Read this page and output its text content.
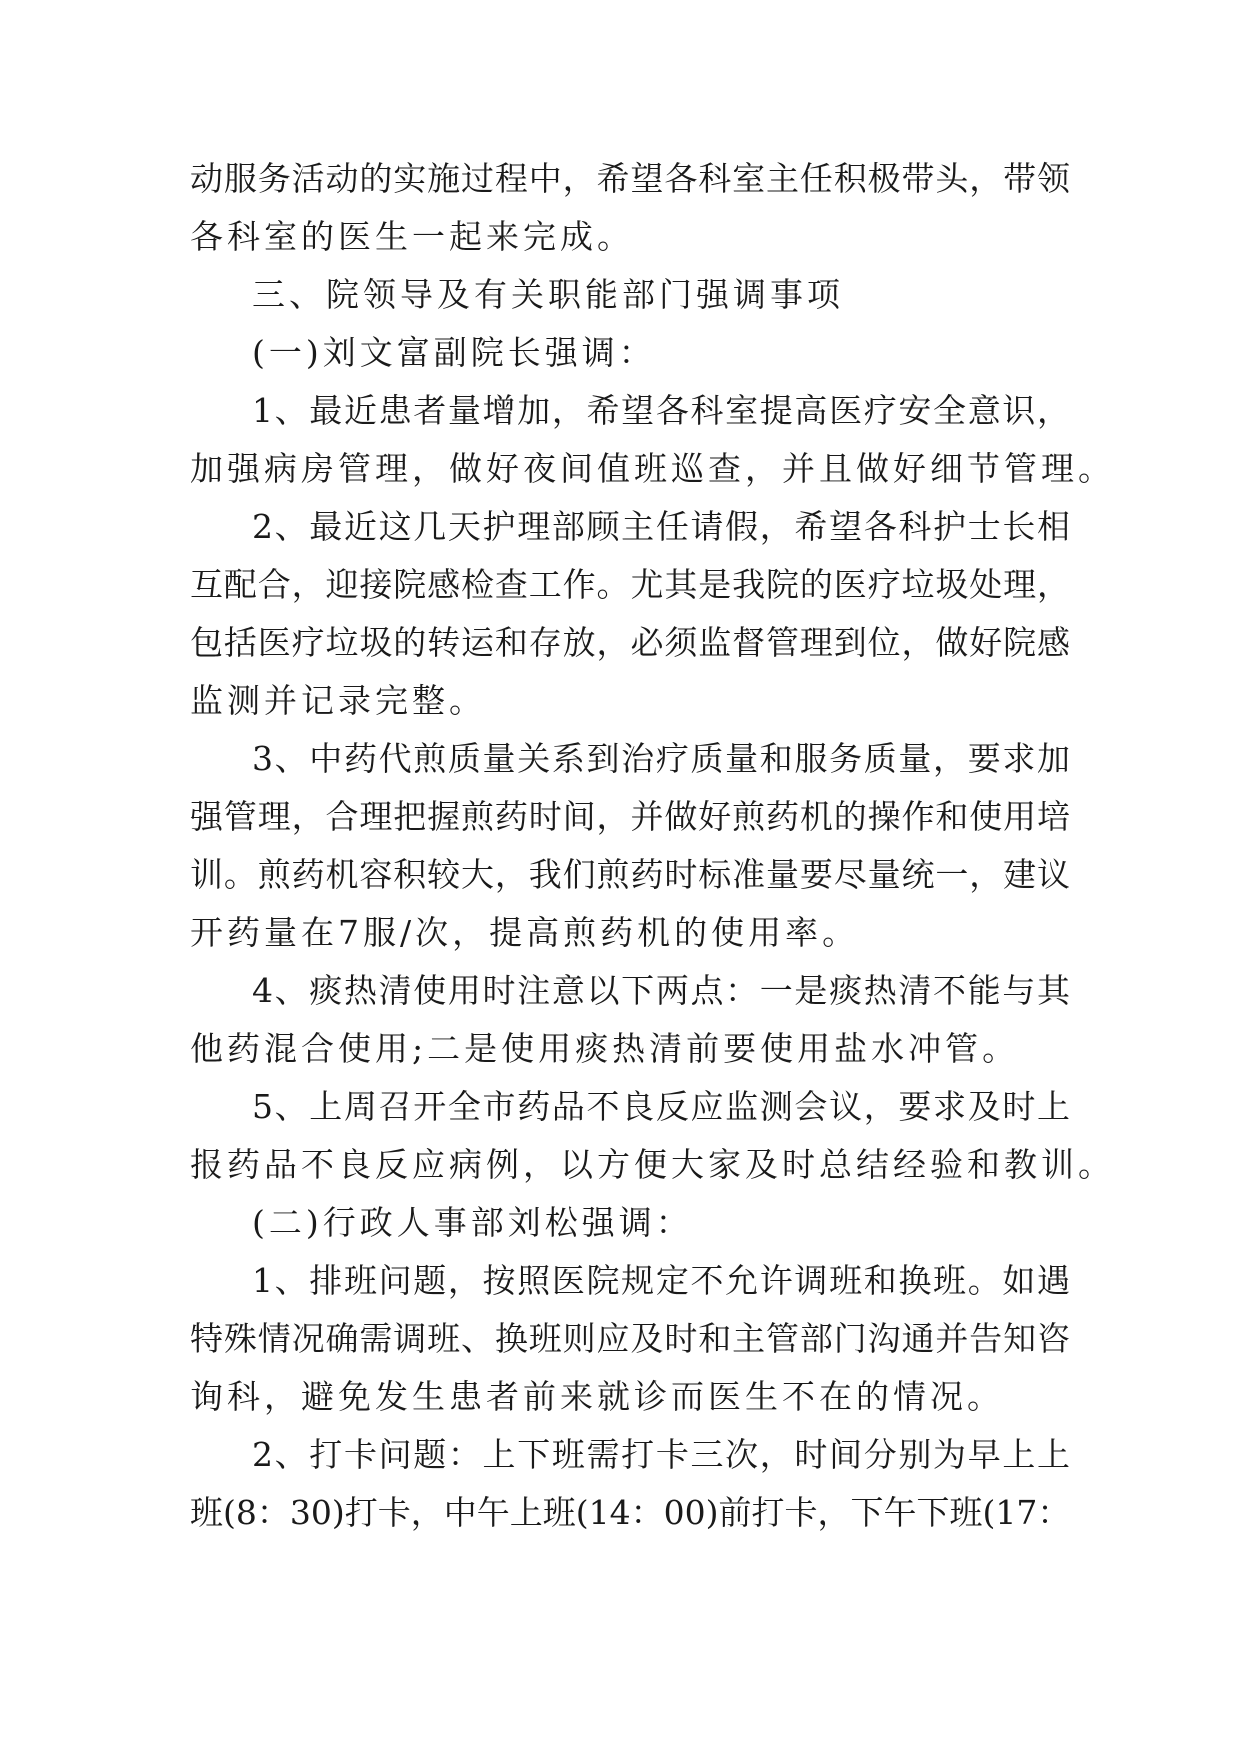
动服务活动的实施过程中，希望各科室主任积极带头，带领
各科室的医生一起来完成。
三、院领导及有关职能部门强调事项
(一)刘文富副院长强调：
1、最近患者量增加，希望各科室提高医疗安全意识，
加强病房管理，做好夜间值班巡查，并且做好细节管理。
2、最近这几天护理部顾主任请假，希望各科护士长相
互配合，迎接院感检查工作。尤其是我院的医疗垃圾处理，
包括医疗垃圾的转运和存放，必须监督管理到位，做好院感
监测并记录完整。
3、中药代煎质量关系到治疗质量和服务质量，要求加
强管理，合理把握煎药时间，并做好煎药机的操作和使用培
训。煎药机容积较大，我们煎药时标准量要尽量统一，建议
开药量在7服/次，提高煎药机的使用率。
4、痰热清使用时注意以下两点：一是痰热清不能与其
他药混合使用;二是使用痰热清前要使用盐水冲管。
5、上周召开全市药品不良反应监测会议，要求及时上
报药品不良反应病例，以方便大家及时总结经验和教训。
(二)行政人事部刘松强调：
1、排班问题，按照医院规定不允许调班和换班。如遇
特殊情况确需调班、换班则应及时和主管部门沟通并告知咨
询科，避免发生患者前来就诊而医生不在的情况。
2、打卡问题：上下班需打卡三次，时间分别为早上上
班(8：30)打卡，中午上班(14：00)前打卡，下午下班(17：
